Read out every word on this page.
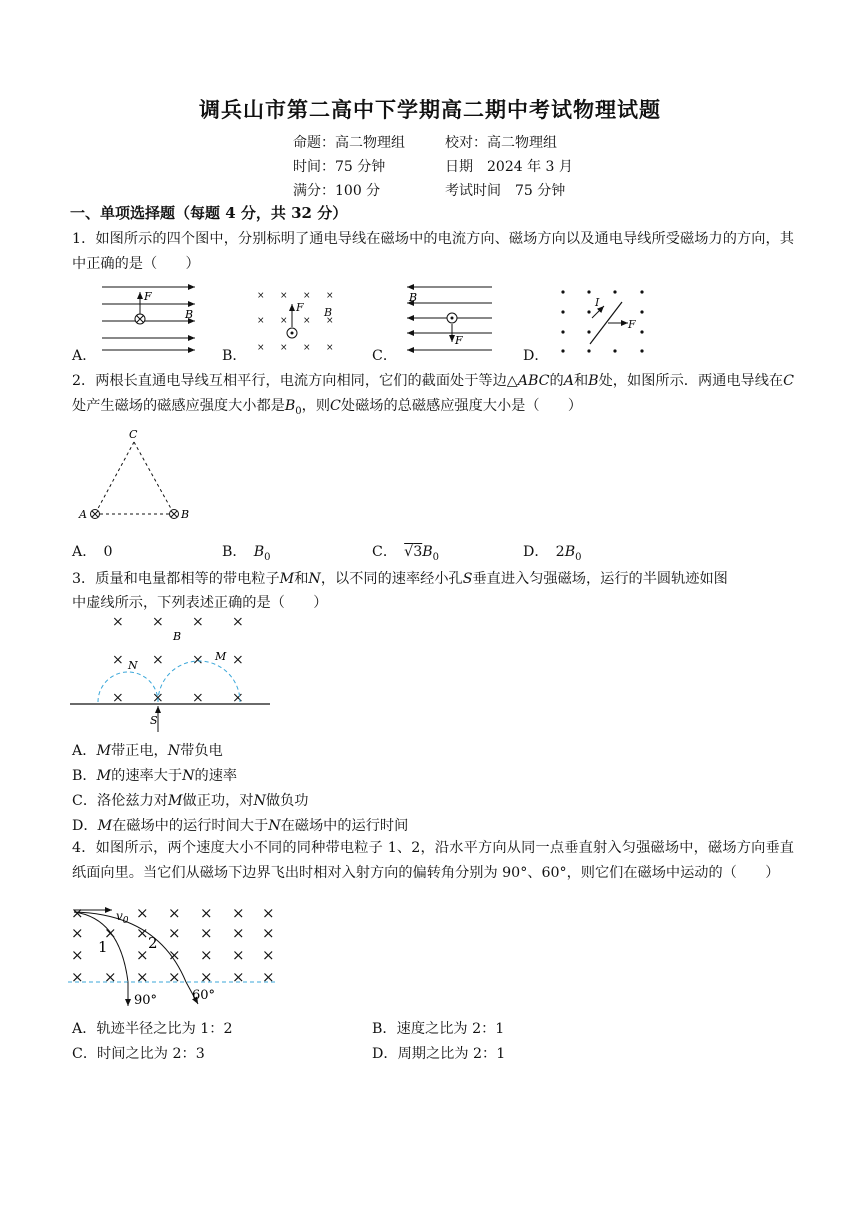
调兵山市第二高中下学期高二期中考试物理试题
命题：高二物理组	校对：高二物理组
时间：75 分钟	日期　2024 年 3 月
满分：100 分	考试时间　75 分钟
一、单项选择题（每题 4 分，共 32 分）
1．如图所示的四个图中，分别标明了通电导线在磁场中的电流方向、磁场方向以及通电导线所受磁场力的方向，其中正确的是（　　）
F
B
× × × ×
× × × ×
× × × ×
F B
F
B	I
F
A．	B．	C．	D．
2．两根长直通电导线互相平行，电流方向相同，它们的截面处于等边△ABC的A和B处，如图所示．两通电导线在C处产生磁场的磁感应强度大小都是$B_0$，则C处磁场的总磁感应强度大小是（　　）
C
A	B
A．　 0	B．　 $B_0$	C．　 $√3B_0$	D．　 $2B_0$
3．质量和电量都相等的带电粒子M和N，以不同的速率经小孔S垂直进入匀强磁场，运行的半圆轨迹如图
中虚线所示，下列表述正确的是（　　）
× × × ×
× × × ×
× × × ×
B
N
M
S
A．M带正电，N带负电
B．M的速率大于N的速率
C．洛伦兹力对M做正功，对N做负功
D．M在磁场中的运行时间大于N在磁场中的运行时间
4．如图所示，两个速度大小不同的同种带电粒子 1、2，沿水平方向从同一点垂直射入匀强磁场中，磁场方向垂直纸面向里。当它们从磁场下边界飞出时相对入射方向的偏转角分别为 90°、60°，则它们在磁场中运动的（　　）
×	× × × × ×
× × × × × × ×
×	× × × × ×
× × × × × × ×
$v_0$
1	2
90°	60°
A．轨迹半径之比为 1：2	B．速度之比为 2：1
C．时间之比为 2：3	D．周期之比为 2：1
